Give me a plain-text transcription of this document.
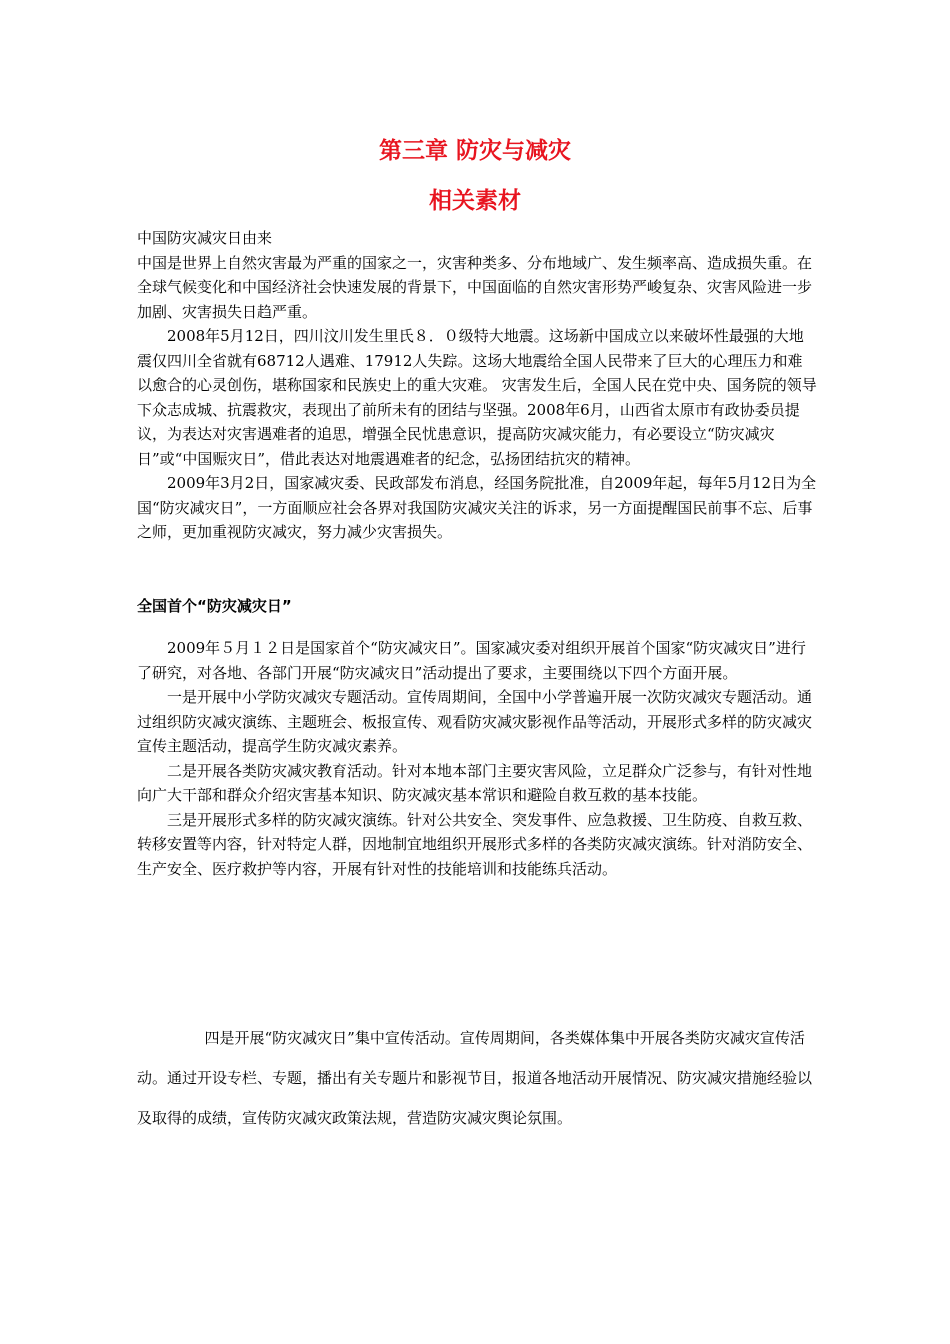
第三章 防灾与减灾
相关素材

中国防灾减灾日由来

中国是世界上自然灾害最为严重的国家之一，灾害种类多、分布地域广、发生频率高、造成损失重。在全球气候变化和中国经济社会快速发展的背景下，中国面临的自然灾害形势严峻复杂、灾害风险进一步加剧、灾害损失日趋严重。

2008年5月12日，四川汶川发生里氏８．０级特大地震。这场新中国成立以来破坏性最强的大地震仅四川全省就有68712人遇难、17912人失踪。这场大地震给全国人民带来了巨大的心理压力和难以愈合的心灵创伤，堪称国家和民族史上的重大灾难。 灾害发生后，全国人民在党中央、国务院的领导下众志成城、抗震救灾，表现出了前所未有的团结与坚强。2008年6月，山西省太原市有政协委员提议，为表达对灾害遇难者的追思，增强全民忧患意识，提高防灾减灾能力，有必要设立“防灾减灾日”或“中国赈灾日”，借此表达对地震遇难者的纪念，弘扬团结抗灾的精神。

2009年3月2日，国家减灾委、民政部发布消息，经国务院批准，自2009年起，每年5月12日为全国“防灾减灾日”，一方面顺应社会各界对我国防灾减灾关注的诉求，另一方面提醒国民前事不忘、后事之师，更加重视防灾减灾，努力减少灾害损失。

全国首个“防灾减灾日”

2009年５月１２日是国家首个“防灾减灾日”。国家减灾委对组织开展首个国家“防灾减灾日”进行了研究，对各地、各部门开展“防灾减灾日”活动提出了要求，主要围绕以下四个方面开展。

一是开展中小学防灾减灾专题活动。宣传周期间，全国中小学普遍开展一次防灾减灾专题活动。通过组织防灾减灾演练、主题班会、板报宣传、观看防灾减灾影视作品等活动，开展形式多样的防灾减灾宣传主题活动，提高学生防灾减灾素养。

二是开展各类防灾减灾教育活动。针对本地本部门主要灾害风险，立足群众广泛参与，有针对性地向广大干部和群众介绍灾害基本知识、防灾减灾基本常识和避险自救互救的基本技能。

三是开展形式多样的防灾减灾演练。针对公共安全、突发事件、应急救援、卫生防疫、自救互救、转移安置等内容，针对特定人群，因地制宜地组织开展形式多样的各类防灾减灾演练。针对消防安全、生产安全、医疗救护等内容，开展有针对性的技能培训和技能练兵活动。

四是开展“防灾减灾日”集中宣传活动。宣传周期间，各类媒体集中开展各类防灾减灾宣传活动。通过开设专栏、专题，播出有关专题片和影视节目，报道各地活动开展情况、防灾减灾措施经验以及取得的成绩，宣传防灾减灾政策法规，营造防灾减灾舆论氛围。
